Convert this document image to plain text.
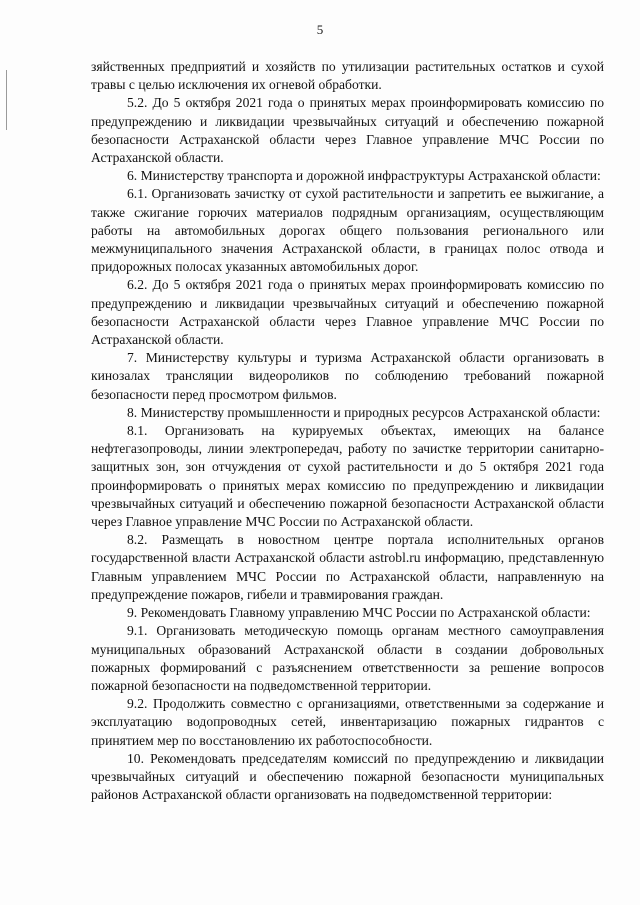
5

зяйственных предприятий и хозяйств по утилизации растительных остатков и сухой травы с целью исключения их огневой обработки.

5.2. До 5 октября 2021 года о принятых мерах проинформировать комиссию по предупреждению и ликвидации чрезвычайных ситуаций и обеспечению пожарной безопасности Астраханской области через Главное управление МЧС России по Астраханской области.

6. Министерству транспорта и дорожной инфраструктуры Астраханской области:

6.1. Организовать зачистку от сухой растительности и запретить ее выжигание, а также сжигание горючих материалов подрядным организациям, осуществляющим работы на автомобильных дорогах общего пользования регионального или межмуниципального значения Астраханской области, в границах полос отвода и придорожных полосах указанных автомобильных дорог.

6.2. До 5 октября 2021 года о принятых мерах проинформировать комиссию по предупреждению и ликвидации чрезвычайных ситуаций и обеспечению пожарной безопасности Астраханской области через Главное управление МЧС России по Астраханской области.

7. Министерству культуры и туризма Астраханской области организовать в кинозалах трансляции видеороликов по соблюдению требований пожарной безопасности перед просмотром фильмов.

8. Министерству промышленности и природных ресурсов Астраханской области:

8.1. Организовать на курируемых объектах, имеющих на балансе нефтегазопроводы, линии электропередач, работу по зачистке территории санитарно-защитных зон, зон отчуждения от сухой растительности и до 5 октября 2021 года проинформировать о принятых мерах комиссию по предупреждению и ликвидации чрезвычайных ситуаций и обеспечению пожарной безопасности Астраханской области через Главное управление МЧС России по Астраханской области.

8.2. Размещать в новостном центре портала исполнительных органов государственной власти Астраханской области astrobl.ru информацию, представленную Главным управлением МЧС России по Астраханской области, направленную на предупреждение пожаров, гибели и травмирования граждан.

9. Рекомендовать Главному управлению МЧС России по Астраханской области:

9.1. Организовать методическую помощь органам местного самоуправления муниципальных образований Астраханской области в создании добровольных пожарных формирований с разъяснением ответственности за решение вопросов пожарной безопасности на подведомственной территории.

9.2. Продолжить совместно с организациями, ответственными за содержание и эксплуатацию водопроводных сетей, инвентаризацию пожарных гидрантов с принятием мер по восстановлению их работоспособности.

10. Рекомендовать председателям комиссий по предупреждению и ликвидации чрезвычайных ситуаций и обеспечению пожарной безопасности муниципальных районов Астраханской области организовать на подведомственной территории:
